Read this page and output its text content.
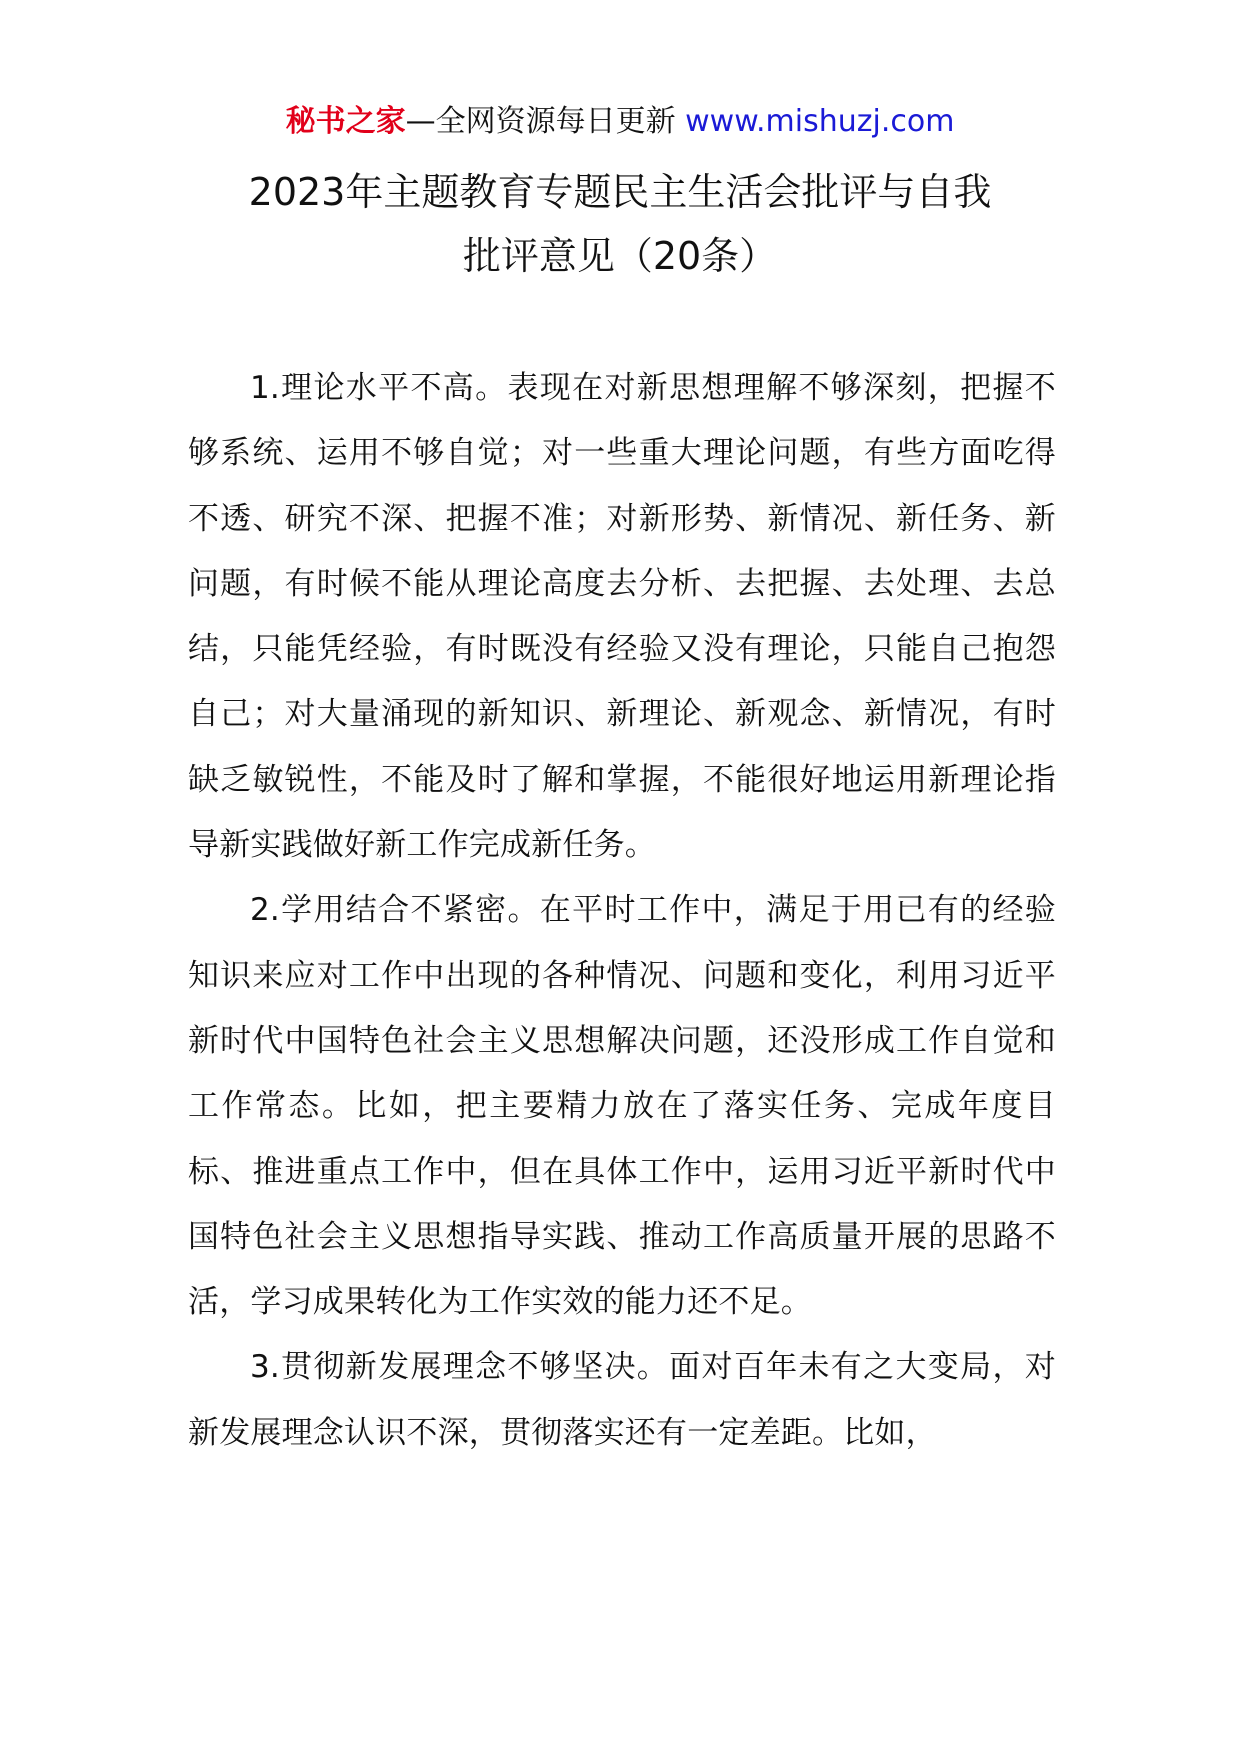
秘书之家—全网资源每日更新 www.mishuzj.com
2023年主题教育专题民主生活会批评与自我
批评意见（20条）

1.理论水平不高。表现在对新思想理解不够深刻，把握不够系统、运用不够自觉；对一些重大理论问题，有些方面吃得不透、研究不深、把握不准；对新形势、新情况、新任务、新问题，有时候不能从理论高度去分析、去把握、去处理、去总结，只能凭经验，有时既没有经验又没有理论，只能自己抱怨自己；对大量涌现的新知识、新理论、新观念、新情况，有时缺乏敏锐性，不能及时了解和掌握，不能很好地运用新理论指导新实践做好新工作完成新任务。

2.学用结合不紧密。在平时工作中，满足于用已有的经验知识来应对工作中出现的各种情况、问题和变化，利用习近平新时代中国特色社会主义思想解决问题，还没形成工作自觉和工作常态。比如，把主要精力放在了落实任务、完成年度目标、推进重点工作中，但在具体工作中，运用习近平新时代中国特色社会主义思想指导实践、推动工作高质量开展的思路不活，学习成果转化为工作实效的能力还不足。

3.贯彻新发展理念不够坚决。面对百年未有之大变局，对新发展理念认识不深，贯彻落实还有一定差距。比如，
